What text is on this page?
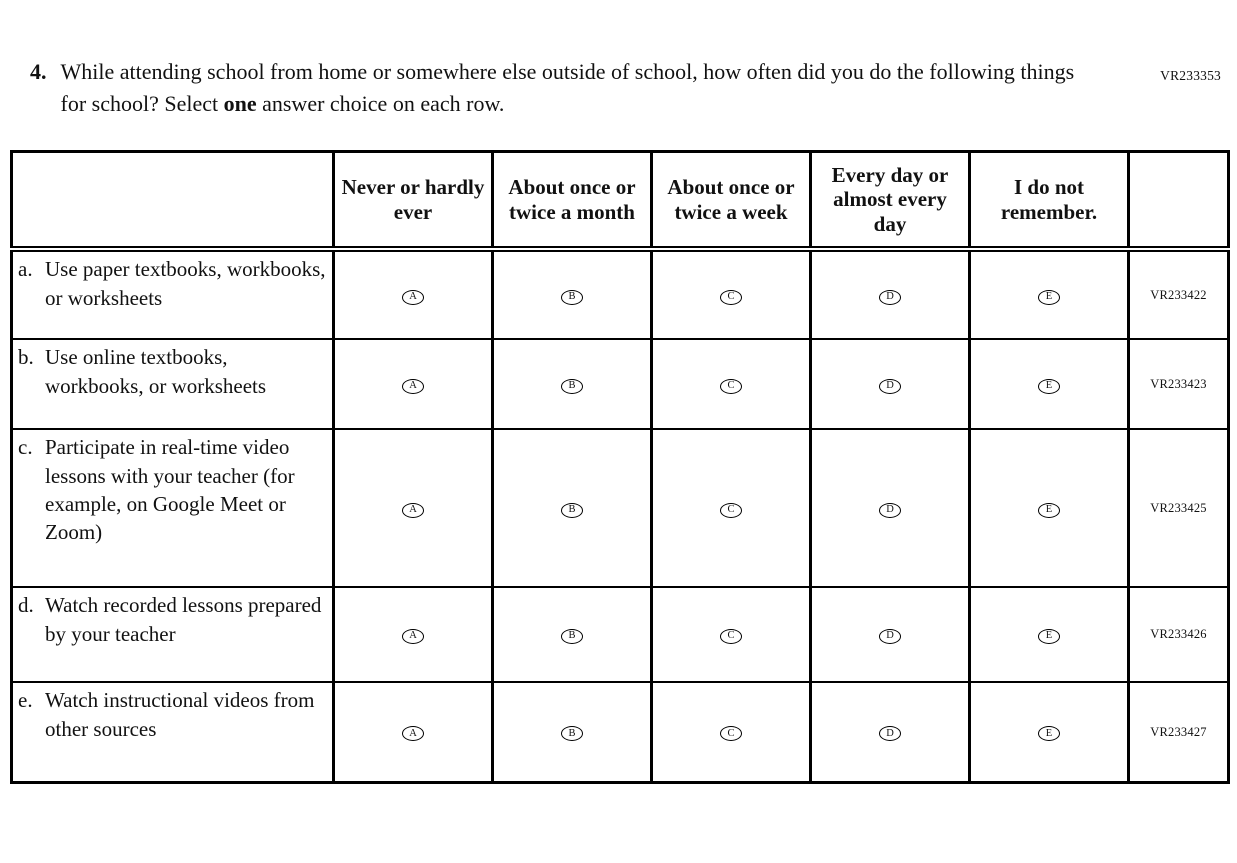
VR233353
4. While attending school from home or somewhere else outside of school, how often did you do the following things for school? Select one answer choice on each row.

	Never or hardly ever	About once or twice a month	About once or twice a week	Every day or almost every day	I do not remember.	

a. Use paper textbooks, workbooks, or worksheets	A	B	C	D	E	VR233422

b. Use online textbooks, workbooks, or worksheets	A	B	C	D	E	VR233423

c. Participate in real-time video lessons with your teacher (for example, on Google Meet or Zoom)	A	B	C	D	E	VR233425

d. Watch recorded lessons prepared by your teacher	A	B	C	D	E	VR233426

e. Watch instructional videos from other sources	A	B	C	D	E	VR233427
